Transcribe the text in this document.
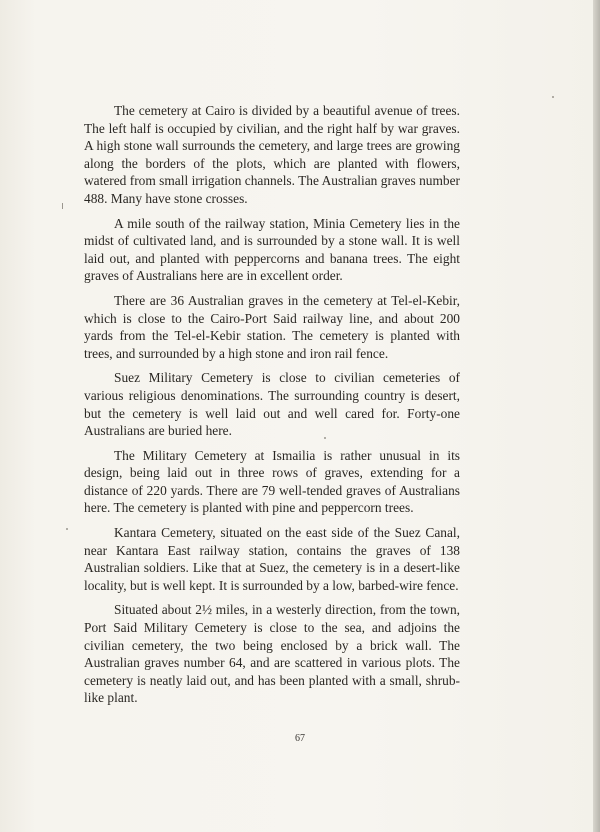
The cemetery at Cairo is divided by a beautiful avenue of trees. The left half is occupied by civilian, and the right half by war graves. A high stone wall surrounds the cemetery, and large trees are growing along the borders of the plots, which are planted with flowers, watered from small irrigation channels. The Australian graves number 488. Many have stone crosses.

A mile south of the railway station, Minia Cemetery lies in the midst of cultivated land, and is surrounded by a stone wall. It is well laid out, and planted with peppercorns and banana trees. The eight graves of Australians here are in excellent order.

There are 36 Australian graves in the cemetery at Tel-el-Kebir, which is close to the Cairo-Port Said railway line, and about 200 yards from the Tel-el-Kebir station. The cemetery is planted with trees, and surrounded by a high stone and iron rail fence.

Suez Military Cemetery is close to civilian cemeteries of various religious denominations. The surrounding country is desert, but the cemetery is well laid out and well cared for. Forty-one Australians are buried here.

The Military Cemetery at Ismailia is rather unusual in its design, being laid out in three rows of graves, extending for a distance of 220 yards. There are 79 well-tended graves of Australians here. The cemetery is planted with pine and peppercorn trees.

Kantara Cemetery, situated on the east side of the Suez Canal, near Kantara East railway station, contains the graves of 138 Australian soldiers. Like that at Suez, the cemetery is in a desert-like locality, but is well kept. It is surrounded by a low, barbed-wire fence.

Situated about 2½ miles, in a westerly direction, from the town, Port Said Military Cemetery is close to the sea, and adjoins the civilian cemetery, the two being enclosed by a brick wall. The Australian graves number 64, and are scattered in various plots. The cemetery is neatly laid out, and has been planted with a small, shrub-like plant.

67
